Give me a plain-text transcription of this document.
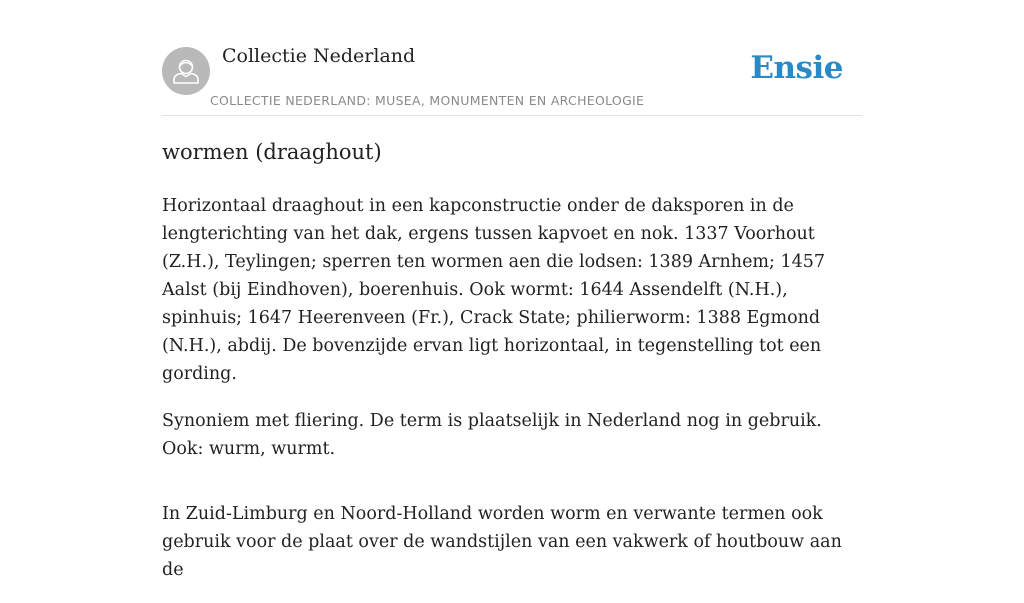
Collectie Nederland
COLLECTIE NEDERLAND: MUSEA, MONUMENTEN EN ARCHEOLOGIE
Ensie
wormen (draaghout)

Horizontaal draaghout in een kapconstructie onder de daksporen in de lengterichting van het dak, ergens tussen kapvoet en nok. 1337 Voorhout (Z.H.), Teylingen; sperren ten wormen aen die lodsen: 1389 Arnhem; 1457 Aalst (bij Eindhoven), boerenhuis. Ook wormt: 1644 Assendelft (N.H.), spinhuis; 1647 Heerenveen (Fr.), Crack State; philierworm: 1388 Egmond (N.H.), abdij. De bovenzijde ervan ligt horizontaal, in tegenstelling tot een gording.

Synoniem met fliering. De term is plaatselijk in Nederland nog in gebruik. Ook: wurm, wurmt.

In Zuid-Limburg en Noord-Holland worden worm en verwante termen ook gebruik voor de plaat over de wandstijlen van een vakwerk of houtbouw aan de
